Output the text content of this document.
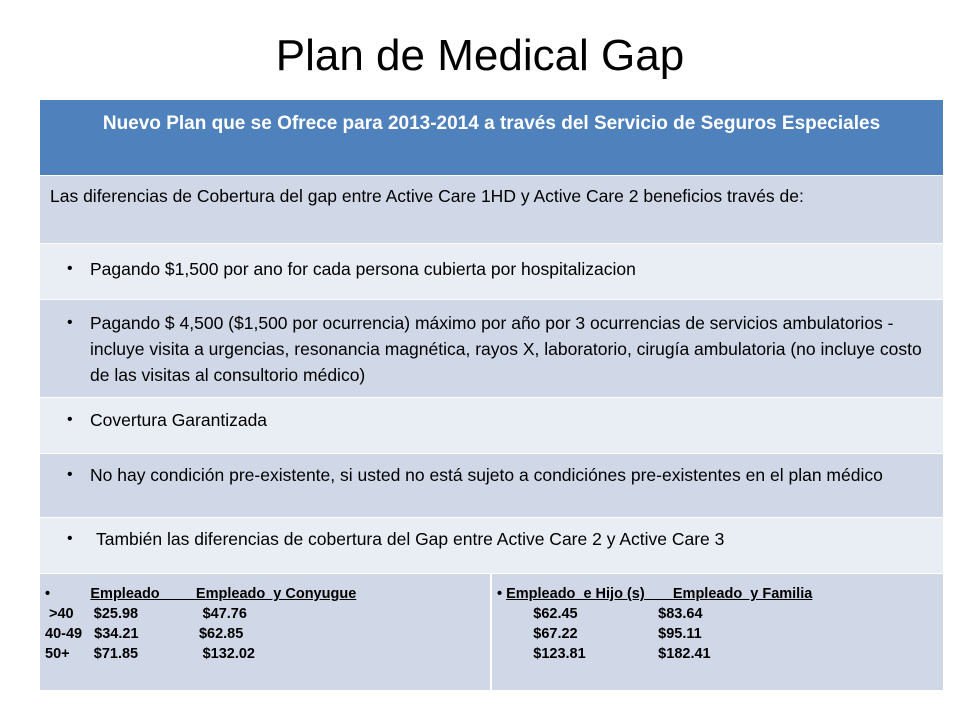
Plan de Medical Gap
Nuevo Plan que se Ofrece para 2013-2014 a través del Servicio de Seguros Especiales
Las diferencias de Cobertura del gap entre Active Care 1HD y Active Care 2 beneficios través de:
• Pagando $1,500 por ano for cada persona cubierta por hospitalizacion
• Pagando $ 4,500 ($1,500 por ocurrencia) máximo por año por 3 ocurrencias de servicios ambulatorios - incluye visita a urgencias, resonancia magnética, rayos X, laboratorio, cirugía ambulatoria (no incluye costo de las visitas al consultorio médico)
• Covertura Garantizada
• No hay condición pre-existente, si usted no está sujeto a condiciónes pre-existentes en el plan médico
• También las diferencias de cobertura del Gap entre Active Care 2 y Active Care 3
•	Empleado         Empleado  y Conyugue
>40     $25.98                $47.76
40-49   $34.21               $62.85
50+      $71.85                $132.02
• Empleado  e Hijo (s)       Empleado  y Familia
$62.45                    $83.64
$67.22                    $95.11
$123.81                  $182.41
